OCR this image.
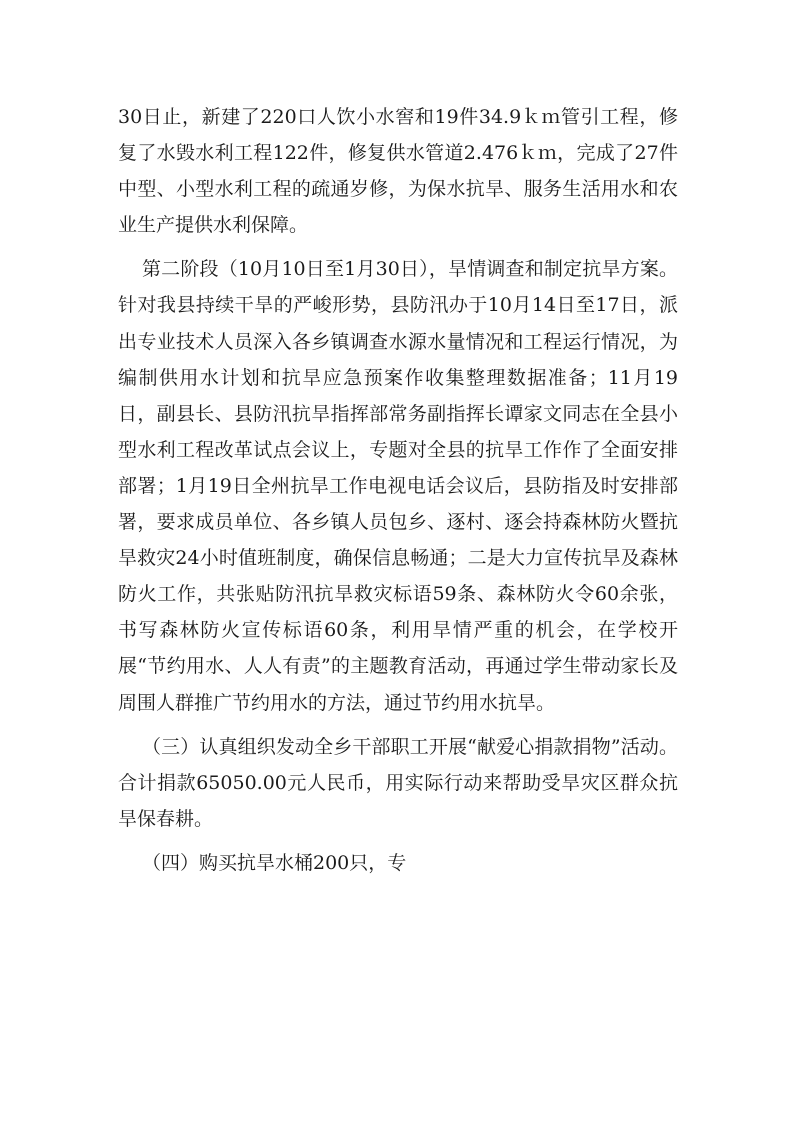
30日止，新建了220口人饮小水窖和19件34.9ｋｍ管引工程，修复了水毁水利工程122件，修复供水管道2.476ｋｍ，完成了27件中型、小型水利工程的疏通岁修，为保水抗旱、服务生活用水和农业生产提供水利保障。

第二阶段（10月10日至1月30日），旱情调查和制定抗旱方案。针对我县持续干旱的严峻形势，县防汛办于10月14日至17日，派出专业技术人员深入各乡镇调查水源水量情况和工程运行情况，为编制供用水计划和抗旱应急预案作收集整理数据准备；11月19日，副县长、县防汛抗旱指挥部常务副指挥长谭家文同志在全县小型水利工程改革试点会议上，专题对全县的抗旱工作作了全面安排部署；1月19日全州抗旱工作电视电话会议后，县防指及时安排部署，要求成员单位、各乡镇人员包乡、逐村、逐会持森林防火暨抗旱救灾24小时值班制度，确保信息畅通；二是大力宣传抗旱及森林防火工作，共张贴防汛抗旱救灾标语59条、森林防火令60余张，书写森林防火宣传标语60条，利用旱情严重的机会，在学校开展“节约用水、人人有责”的主题教育活动，再通过学生带动家长及周围人群推广节约用水的方法，通过节约用水抗旱。

（三）认真组织发动全乡干部职工开展“献爱心捐款捐物”活动。合计捐款65050.00元人民币，用实际行动来帮助受旱灾区群众抗旱保春耕。

（四）购买抗旱水桶200只，专
